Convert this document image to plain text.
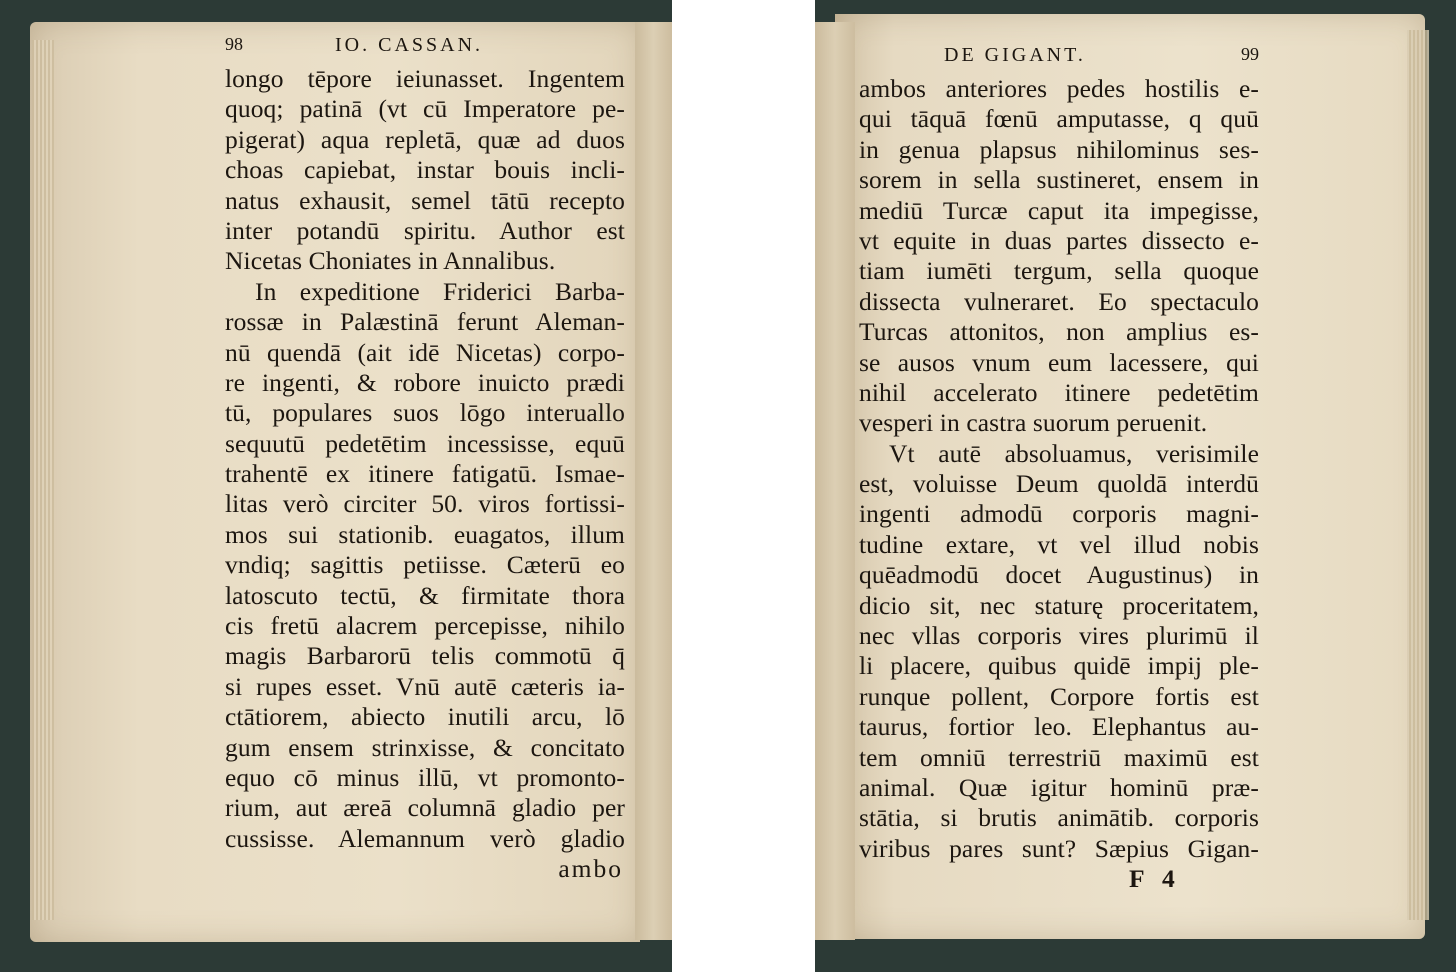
98	IO. CASSAN.
longo tēpore ieiunasset. Ingentem
quoq; patinā (vt cū Imperatore pe-
pigerat) aqua repletā, quæ ad duos
choas capiebat, instar bouis incli-
natus exhausit, semel tātū recepto
inter potandū spiritu. Author est
Nicetas Choniates in Annalibus.
In expeditione Friderici Barba-
rossæ in Palæstinā ferunt Aleman-
nū quendā (ait idē Nicetas) corpo-
re ingenti, & robore inuicto prædi
tū, populares suos lōgo interuallo
sequutū pedetētim incessisse, equū
trahentē ex itinere fatigatū. Ismae-
litas verò circiter 50. viros fortissi-
mos sui stationib. euagatos, illum
vndiq; sagittis petiisse. Cæterū eo
latoscuto tectū, & firmitate thora
cis fretū alacrem percepisse, nihilo
magis Barbarorū telis commotū q̄
si rupes esset. Vnū autē cæteris ia-
ctātiorem, abiecto inutili arcu, lō
gum ensem strinxisse, & concitato
equo cō minus illū, vt promonto-
rium, aut æreā columnā gladio per
cussisse. Alemannum verò gladio
ambo
DE GIGANT.	99
ambos anteriores pedes hostilis e-
qui tāquā fœnū amputasse, q quū
in genua plapsus nihilominus ses-
sorem in sella sustineret, ensem in
mediū Turcæ caput ita impegisse,
vt equite in duas partes dissecto e-
tiam iumēti tergum, sella quoque
dissecta vulneraret. Eo spectaculo
Turcas attonitos, non amplius es-
se ausos vnum eum lacessere, qui
nihil accelerato itinere pedetētim
vesperi in castra suorum peruenit.
Vt autē absoluamus, verisimile
est, voluisse Deum quoldā interdū
ingenti admodū corporis magni-
tudine extare, vt vel illud nobis
quēadmodū docet Augustinus) in
dicio sit, nec staturę proceritatem,
nec vllas corporis vires plurimū il
li placere, quibus quidē impij ple-
runque pollent, Corpore fortis est
taurus, fortior leo. Elephantus au-
tem omniū terrestriū maximū est
animal. Quæ igitur hominū præ-
stātia, si brutis animātib. corporis
viribus pares sunt? Sæpius Gigan-
F 4
